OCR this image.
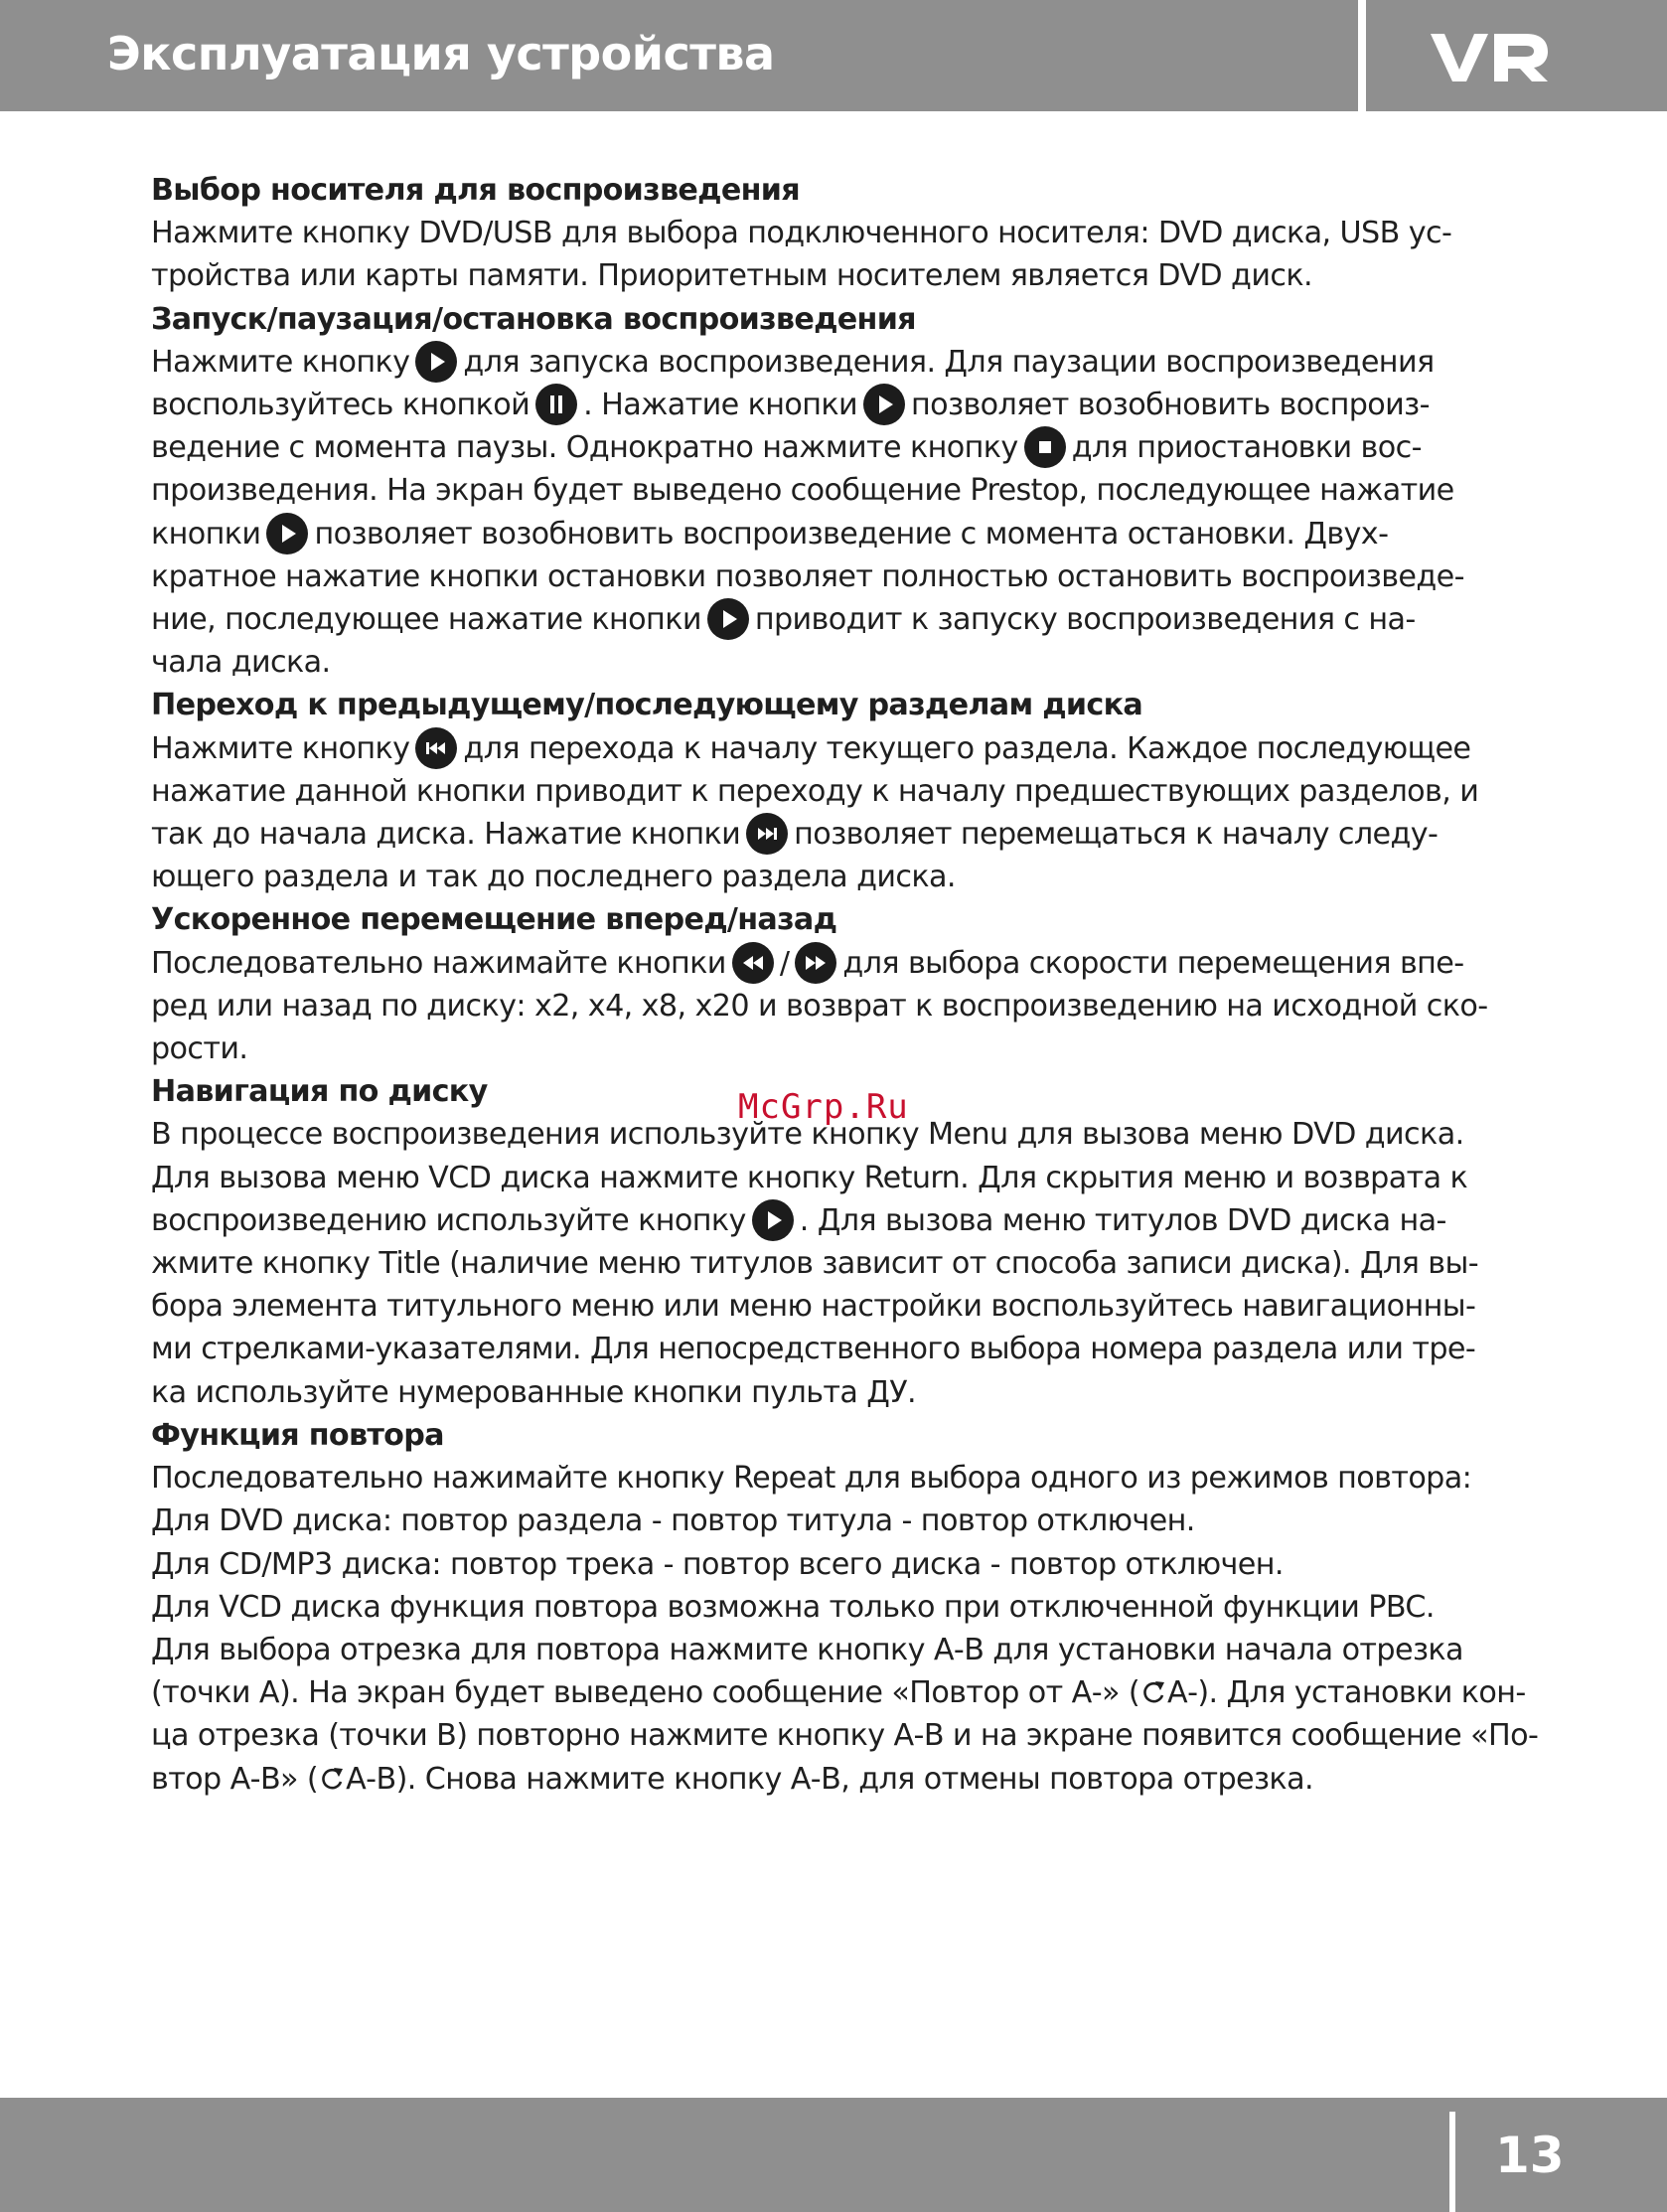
Эксплуатация устройства

Выбор носителя для воспроизведения

Нажмите кнопку DVD/USB для выбора подключенного носителя: DVD диска, USB ус-

тройства или карты памяти. Приоритетным носителем является DVD диск.

Запуск/паузация/остановка воспроизведения

Нажмите кнопку для запуска воспроизведения. Для паузации воспроизведения

воспользуйтесь кнопкой . Нажатие кнопки позволяет возобновить воспроиз-

ведение с момента паузы. Однократно нажмите кнопку для приостановки вос-

произведения. На экран будет выведено сообщение Prestop, последующее нажатие

кнопки позволяет возобновить воспроизведение с момента остановки. Двух-

кратное нажатие кнопки остановки позволяет полностью остановить воспроизведе-

ние, последующее нажатие кнопки приводит к запуску воспроизведения с на-

чала диска.

Переход к предыдущему/последующему разделам диска

Нажмите кнопку для перехода к началу текущего раздела. Каждое последующее

нажатие данной кнопки приводит к переходу к началу предшествующих разделов, и

так до начала диска. Нажатие кнопки позволяет перемещаться к началу следу-

ющего раздела и так до последнего раздела диска.

Ускоренное перемещение вперед/назад

Последовательно нажимайте кнопки / для выбора скорости перемещения впе-

ред или назад по диску: х2, х4, х8, х20 и возврат к воспроизведению на исходной ско-

рости.

Навигация по диску

В процессе воспроизведения используйте кнопку Menu для вызова меню DVD диска.

Для вызова меню VCD диска нажмите кнопку Return. Для скрытия меню и возврата к

воспроизведению используйте кнопку . Для вызова меню титулов DVD диска на-

жмите кнопку Title (наличие меню титулов зависит от способа записи диска). Для вы-

бора элемента титульного меню или меню настройки воспользуйтесь навигационны-

ми стрелками-указателями. Для непосредственного выбора номера раздела или тре-

ка используйте нумерованные кнопки пульта ДУ.

Функция повтора

Последовательно нажимайте кнопку Repeat для выбора одного из режимов повтора:

Для DVD диска: повтор раздела - повтор титула - повтор отключен.

Для CD/MP3 диска: повтор трека - повтор всего диска - повтор отключен.

Для VCD диска функция повтора возможна только при отключенной функции PBC.

Для выбора отрезка для повтора нажмите кнопку А-В для установки начала отрезка

(точки А). На экран будет выведено сообщение «Повтор от А-» ( А-). Для установки кон-

ца отрезка (точки В) повторно нажмите кнопку А-В и на экране появится сообщение «По-

втор А-В» ( А-В). Снова нажмите кнопку А-В, для отмены повтора отрезка.

McGrp.Ru
13
